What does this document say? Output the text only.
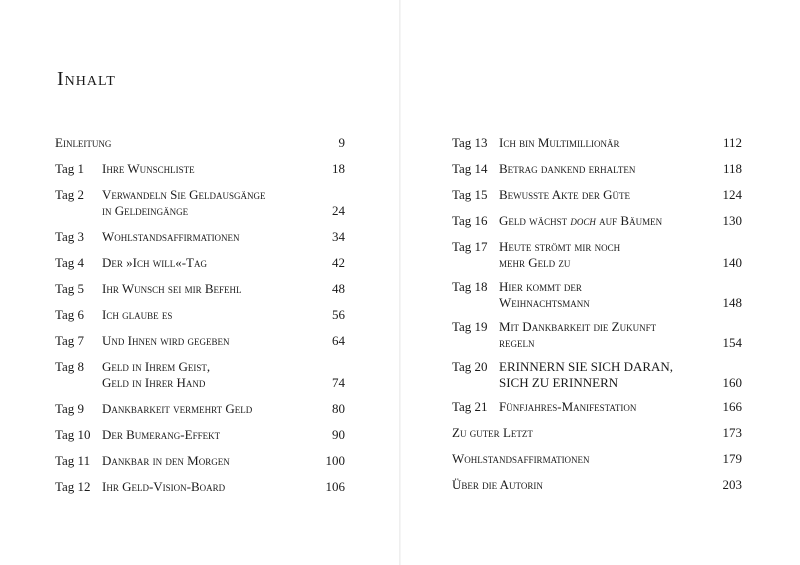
Inhalt
Einleitung	9
Tag 1	Ihre Wunschliste	18
Tag 2	Verwandeln Sie Geldausgänge
in Geldeingänge	24
Tag 3	Wohlstandsaffirmationen	34
Tag 4	Der »Ich will«-Tag	42
Tag 5	Ihr Wunsch sei mir Befehl	48
Tag 6	Ich glaube es	56
Tag 7	Und Ihnen wird gegeben	64
Tag 8	Geld in Ihrem Geist,
Geld in Ihrer Hand	74
Tag 9	Dankbarkeit vermehrt Geld	80
Tag 10 Der Bumerang-Effekt	90
Tag 11 Dankbar in den Morgen	100
Tag 12 Ihr Geld-Vision-Board	106
Tag 13 Ich bin Multimillionär	112
Tag 14 Betrag dankend erhalten	118
Tag 15 Bewusste Akte der Güte	124
Tag 16 Geld wächst doch auf Bäumen	130
Tag 17 Heute strömt mir noch
mehr Geld zu	140
Tag 18 Hier kommt der
Weihnachtsmann	148
Tag 19 Mit Dankbarkeit die Zukunft
regeln	154
Tag 20 ERINNERN SIE SICH DARAN,
SICH ZU ERINNERN	160
Tag 21 Fünfjahres-Manifestation	166
Zu guter Letzt	173
Wohlstandsaffirmationen	179
Über die Autorin	203
